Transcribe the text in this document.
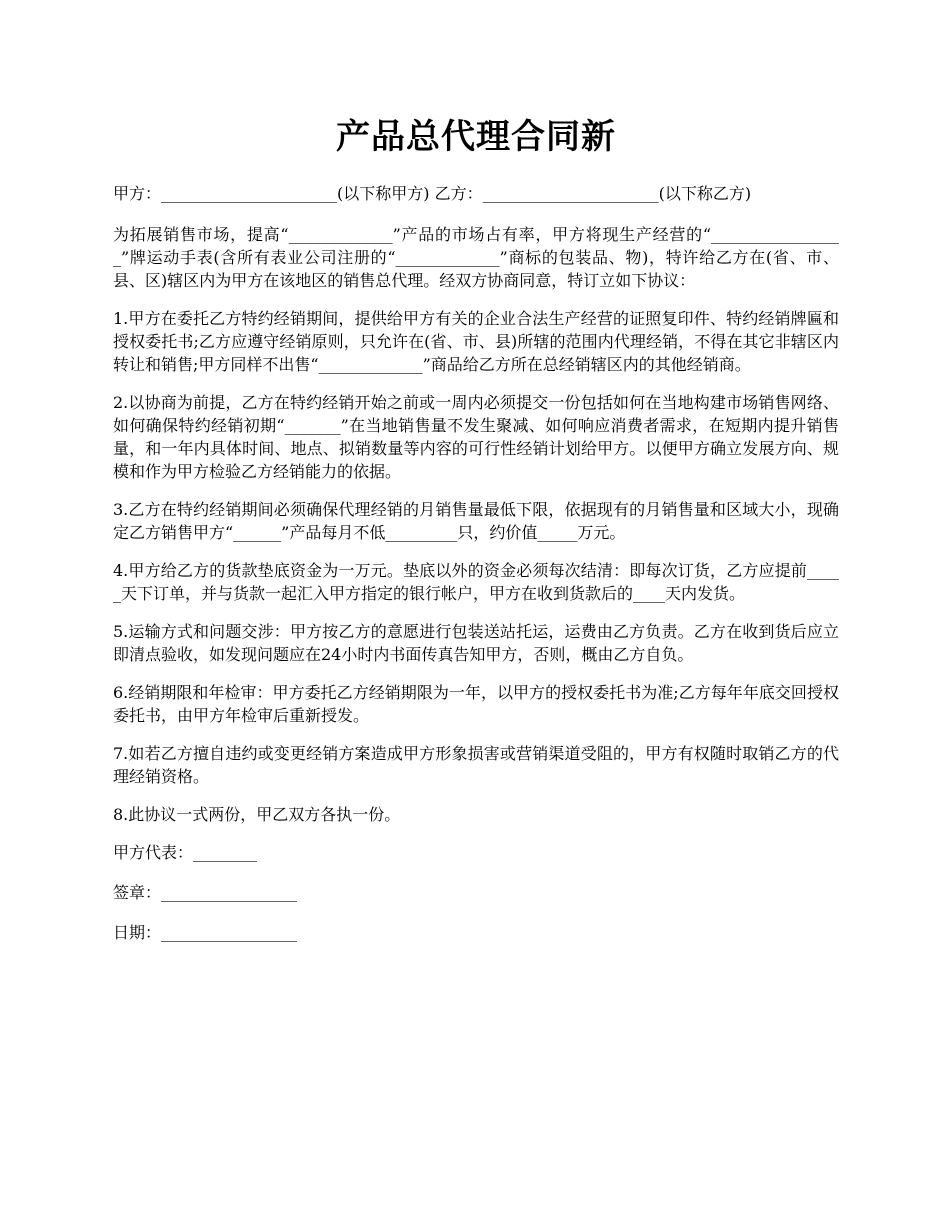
产品总代理合同新

甲方：______________________(以下称甲方) 乙方：______________________(以下称乙方)

为拓展销售市场，提高“_____________”产品的市场占有率，甲方将现生产经营的“_________________”牌运动手表(含所有表业公司注册的“_____________”商标的包装品、物)，特许给乙方在(省、市、县、区)辖区内为甲方在该地区的销售总代理。经双方协商同意，特订立如下协议：

1.甲方在委托乙方特约经销期间，提供给甲方有关的企业合法生产经营的证照复印件、特约经销牌匾和授权委托书;乙方应遵守经销原则，只允许在(省、市、县)所辖的范围内代理经销，不得在其它非辖区内转让和销售;甲方同样不出售“_____________”商品给乙方所在总经销辖区内的其他经销商。

2.以协商为前提，乙方在特约经销开始之前或一周内必须提交一份包括如何在当地构建市场销售网络、如何确保特约经销初期“_______”在当地销售量不发生聚减、如何响应消费者需求，在短期内提升销售量，和一年内具体时间、地点、拟销数量等内容的可行性经销计划给甲方。以便甲方确立发展方向、规模和作为甲方检验乙方经销能力的依据。

3.乙方在特约经销期间必须确保代理经销的月销售量最低下限，依据现有的月销售量和区域大小，现确定乙方销售甲方“______”产品每月不低_________只，约价值_____万元。

4.甲方给乙方的货款垫底资金为一万元。垫底以外的资金必须每次结清：即每次订货，乙方应提前_____天下订单，并与货款一起汇入甲方指定的银行帐户，甲方在收到货款后的____天内发货。

5.运输方式和问题交涉：甲方按乙方的意愿进行包装送站托运，运费由乙方负责。乙方在收到货后应立即清点验收，如发现问题应在24小时内书面传真告知甲方，否则，概由乙方自负。

6.经销期限和年检审：甲方委托乙方经销期限为一年，以甲方的授权委托书为准;乙方每年年底交回授权委托书，由甲方年检审后重新授发。

7.如若乙方擅自违约或变更经销方案造成甲方形象损害或营销渠道受阻的，甲方有权随时取销乙方的代理经销资格。

8.此协议一式两份，甲乙双方各执一份。

甲方代表：________

签章：_________________

日期：_________________
